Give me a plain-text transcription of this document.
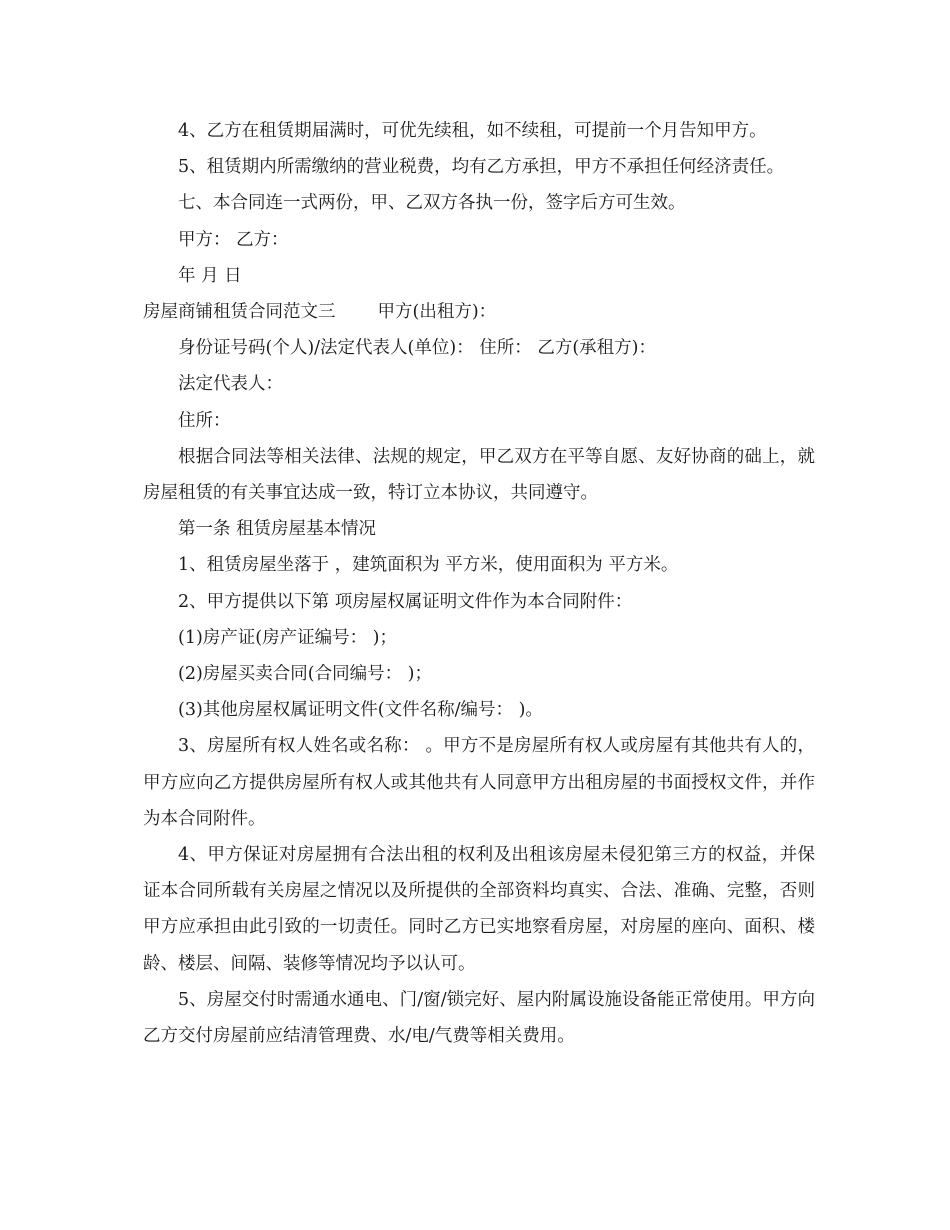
4、乙方在租赁期届满时，可优先续租，如不续租，可提前一个月告知甲方。

5、租赁期内所需缴纳的营业税费，均有乙方承担，甲方不承担任何经济责任。

七、本合同连一式两份，甲、乙双方各执一份，签字后方可生效。

甲方： 乙方：

年 月 日

房屋商铺租赁合同范文三 甲方(出租方)：

身份证号码(个人)/法定代表人(单位)： 住所： 乙方(承租方)：

法定代表人：

住所：

根据合同法等相关法律、法规的规定，甲乙双方在平等自愿、友好协商的础上，就房屋租赁的有关事宜达成一致，特订立本协议，共同遵守。

第一条 租赁房屋基本情况

1、租赁房屋坐落于 ，建筑面积为 平方米，使用面积为 平方米。

2、甲方提供以下第 项房屋权属证明文件作为本合同附件：

(1)房产证(房产证编号： )；

(2)房屋买卖合同(合同编号： )；

(3)其他房屋权属证明文件(文件名称/编号： )。

3、房屋所有权人姓名或名称： 。甲方不是房屋所有权人或房屋有其他共有人的，甲方应向乙方提供房屋所有权人或其他共有人同意甲方出租房屋的书面授权文件，并作为本合同附件。

4、甲方保证对房屋拥有合法出租的权利及出租该房屋未侵犯第三方的权益，并保证本合同所载有关房屋之情况以及所提供的全部资料均真实、合法、准确、完整，否则甲方应承担由此引致的一切责任。同时乙方已实地察看房屋，对房屋的座向、面积、楼龄、楼层、间隔、装修等情况均予以认可。

5、房屋交付时需通水通电、门/窗/锁完好、屋内附属设施设备能正常使用。甲方向乙方交付房屋前应结清管理费、水/电/气费等相关费用。
